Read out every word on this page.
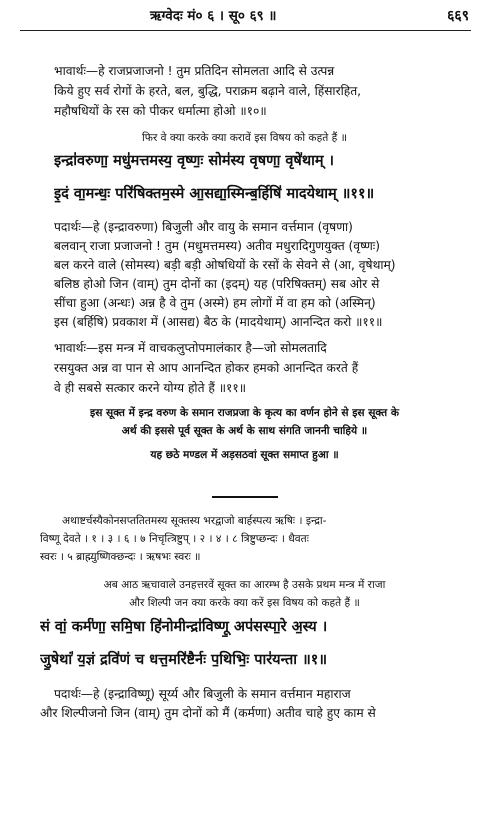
ऋग्वेदः मं० ६ । सू० ६९ ॥	६६९
भावार्थः—हे राजप्रजाजनो ! तुम प्रतिदिन सोमलता आदि से उत्पन्न
किये हुए सर्व रोगों के हरते, बल, बुद्धि, पराक्रम बढ़ाने वाले, हिंसारहित,
महौषधियों के रस को पीकर धर्मात्मा होओ ॥१०॥
फिर वे क्या करके क्या करावें इस विषय को कहते हैं ॥
इन्द्रा॑वरुणा॒ मधु॑मत्तमस्य॒ वृष्णः॒ सोम॑स्य वृषणा॒ वृषे॑थाम् ।
इ॒दं वा॒मन्धः॒ परि॑षिक्तम॒स्मे आ॒सद्या॒स्मिन्ब॒र्हिषि॑ मादयेथाम् ॥११॥
पदार्थः—हे (इन्द्रावरुणा) बिजुली और वायु के समान वर्त्तमान (वृषणा)
बलवान् राजा प्रजाजनो ! तुम (मधुमत्तमस्य) अतीव मधुरादिगुणयुक्त (वृष्णः)
बल करने वाले (सोमस्य) बड़ी बड़ी ओषधियों के रसों के सेवने से (आ, वृषेथाम्)
बलिष्ठ होओ जिन (वाम्) तुम दोनों का (इदम्) यह (परिषिक्तम्) सब ओर से
सींचा हुआ (अन्धः) अन्न है वे तुम (अस्मे) हम लोगों में वा हम को (अस्मिन्)
इस (बर्हिषि) प्रवकाश में (आसद्य) बैठ के (मादयेथाम्) आनन्दित करो ॥११॥
भावार्थः—इस मन्त्र में वाचकलुप्तोपमालंकार है—जो सोमलतादि
रसयुक्त अन्न वा पान से आप आनन्दित होकर हमको आनन्दित करते हैं
वे ही सबसे सत्कार करने योग्य होते हैं ॥११॥
इस सूक्त में इन्द्र वरुण के समान राजप्रजा के कृत्य का वर्णन होने से इस सूक्त के
अर्थ की इससे पूर्व सूक्त के अर्थ के साथ संगति जाननी चाहिये ॥
यह छठे मण्डल में अड़सठवां सूक्त समाप्त हुआ ॥
अथाष्टर्चस्यैकोनसप्ततितमस्य सूक्तस्य भरद्वाजो बार्हस्पत्य ऋषिः । इन्द्रा-
विष्णू देवते । १ । ३ । ६ । ७ निचृत्त्रिष्टुप् । २ । ४ । ८ त्रिष्टुप्छन्दः । धैवतः
स्वरः । ५ ब्राह्म्युष्णिक्छन्दः । ऋषभः स्वरः ॥
अब आठ ऋचावाले उनहत्तरवें सूक्त का आरम्भ है उसके प्रथम मन्त्र में राजा
और शिल्पी जन क्या करके क्या करें इस विषय को कहते हैं ॥
सं वां॒ कर्म॑णा॒ समि॒षा हि॑नोमीन्द्रा॑विष्णू॒ अप॑सस्पा॒रे अ॒स्य ।
जु॒षेथां॑ य॒ज्ञं द्रवि॑णं च धत्त॒मरि॑ष्टैर्नः प॒थिभिः॒ पार॑यन्ता ॥१॥
पदार्थः—हे (इन्द्राविष्णू) सूर्य्य और बिजुली के समान वर्त्तमान महाराज
और शिल्पीजनो जिन (वाम्) तुम दोनों को मैं (कर्मणा) अतीव चाहे हुए काम से
